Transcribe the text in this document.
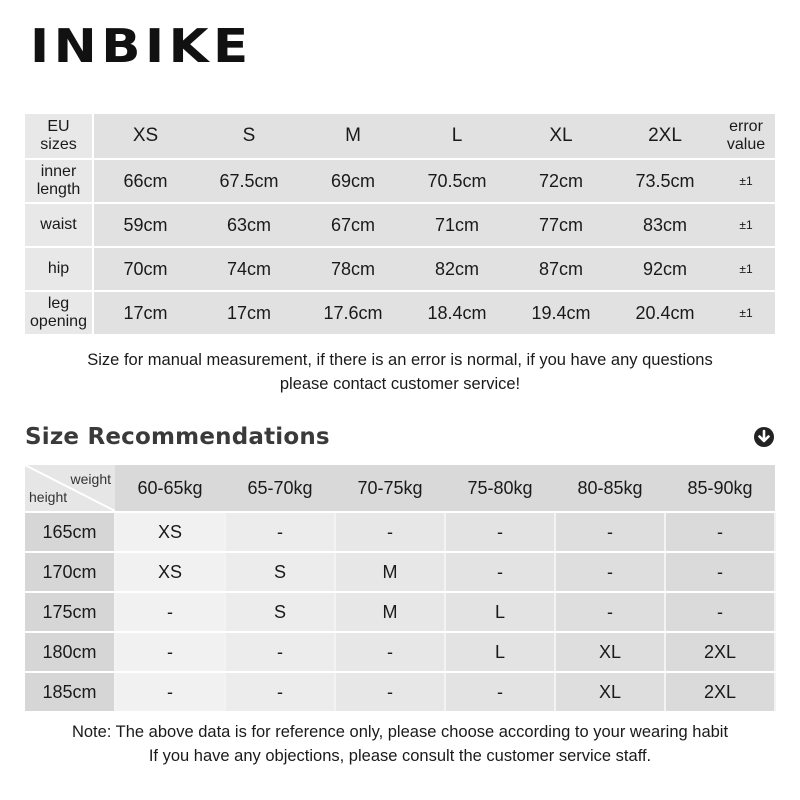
INBIKE
EU
sizes	XS	S	M	L	XL	2XL	error
value
inner
length	66cm	67.5cm	69cm	70.5cm	72cm	73.5cm	±1
waist	59cm	63cm	67cm	71cm	77cm	83cm	±1
hip	70cm	74cm	78cm	82cm	87cm	92cm	±1
leg
opening	17cm	17cm	17.6cm	18.4cm	19.4cm	20.4cm	±1
Size for manual measurement, if there is an error is normal, if you have any questions
please contact customer service!
Size Recommendations
weight
height	60-65kg	65-70kg	70-75kg	75-80kg	80-85kg	85-90kg
165cm	XS	-	-	-	-	-
170cm	XS	S	M	-	-	-
175cm	-	S	M	L	-	-
180cm	-	-	-	L	XL	2XL
185cm	-	-	-	-	XL	2XL
Note: The above data is for reference only, please choose according to your wearing habit
If you have any objections, please consult the customer service staff.
